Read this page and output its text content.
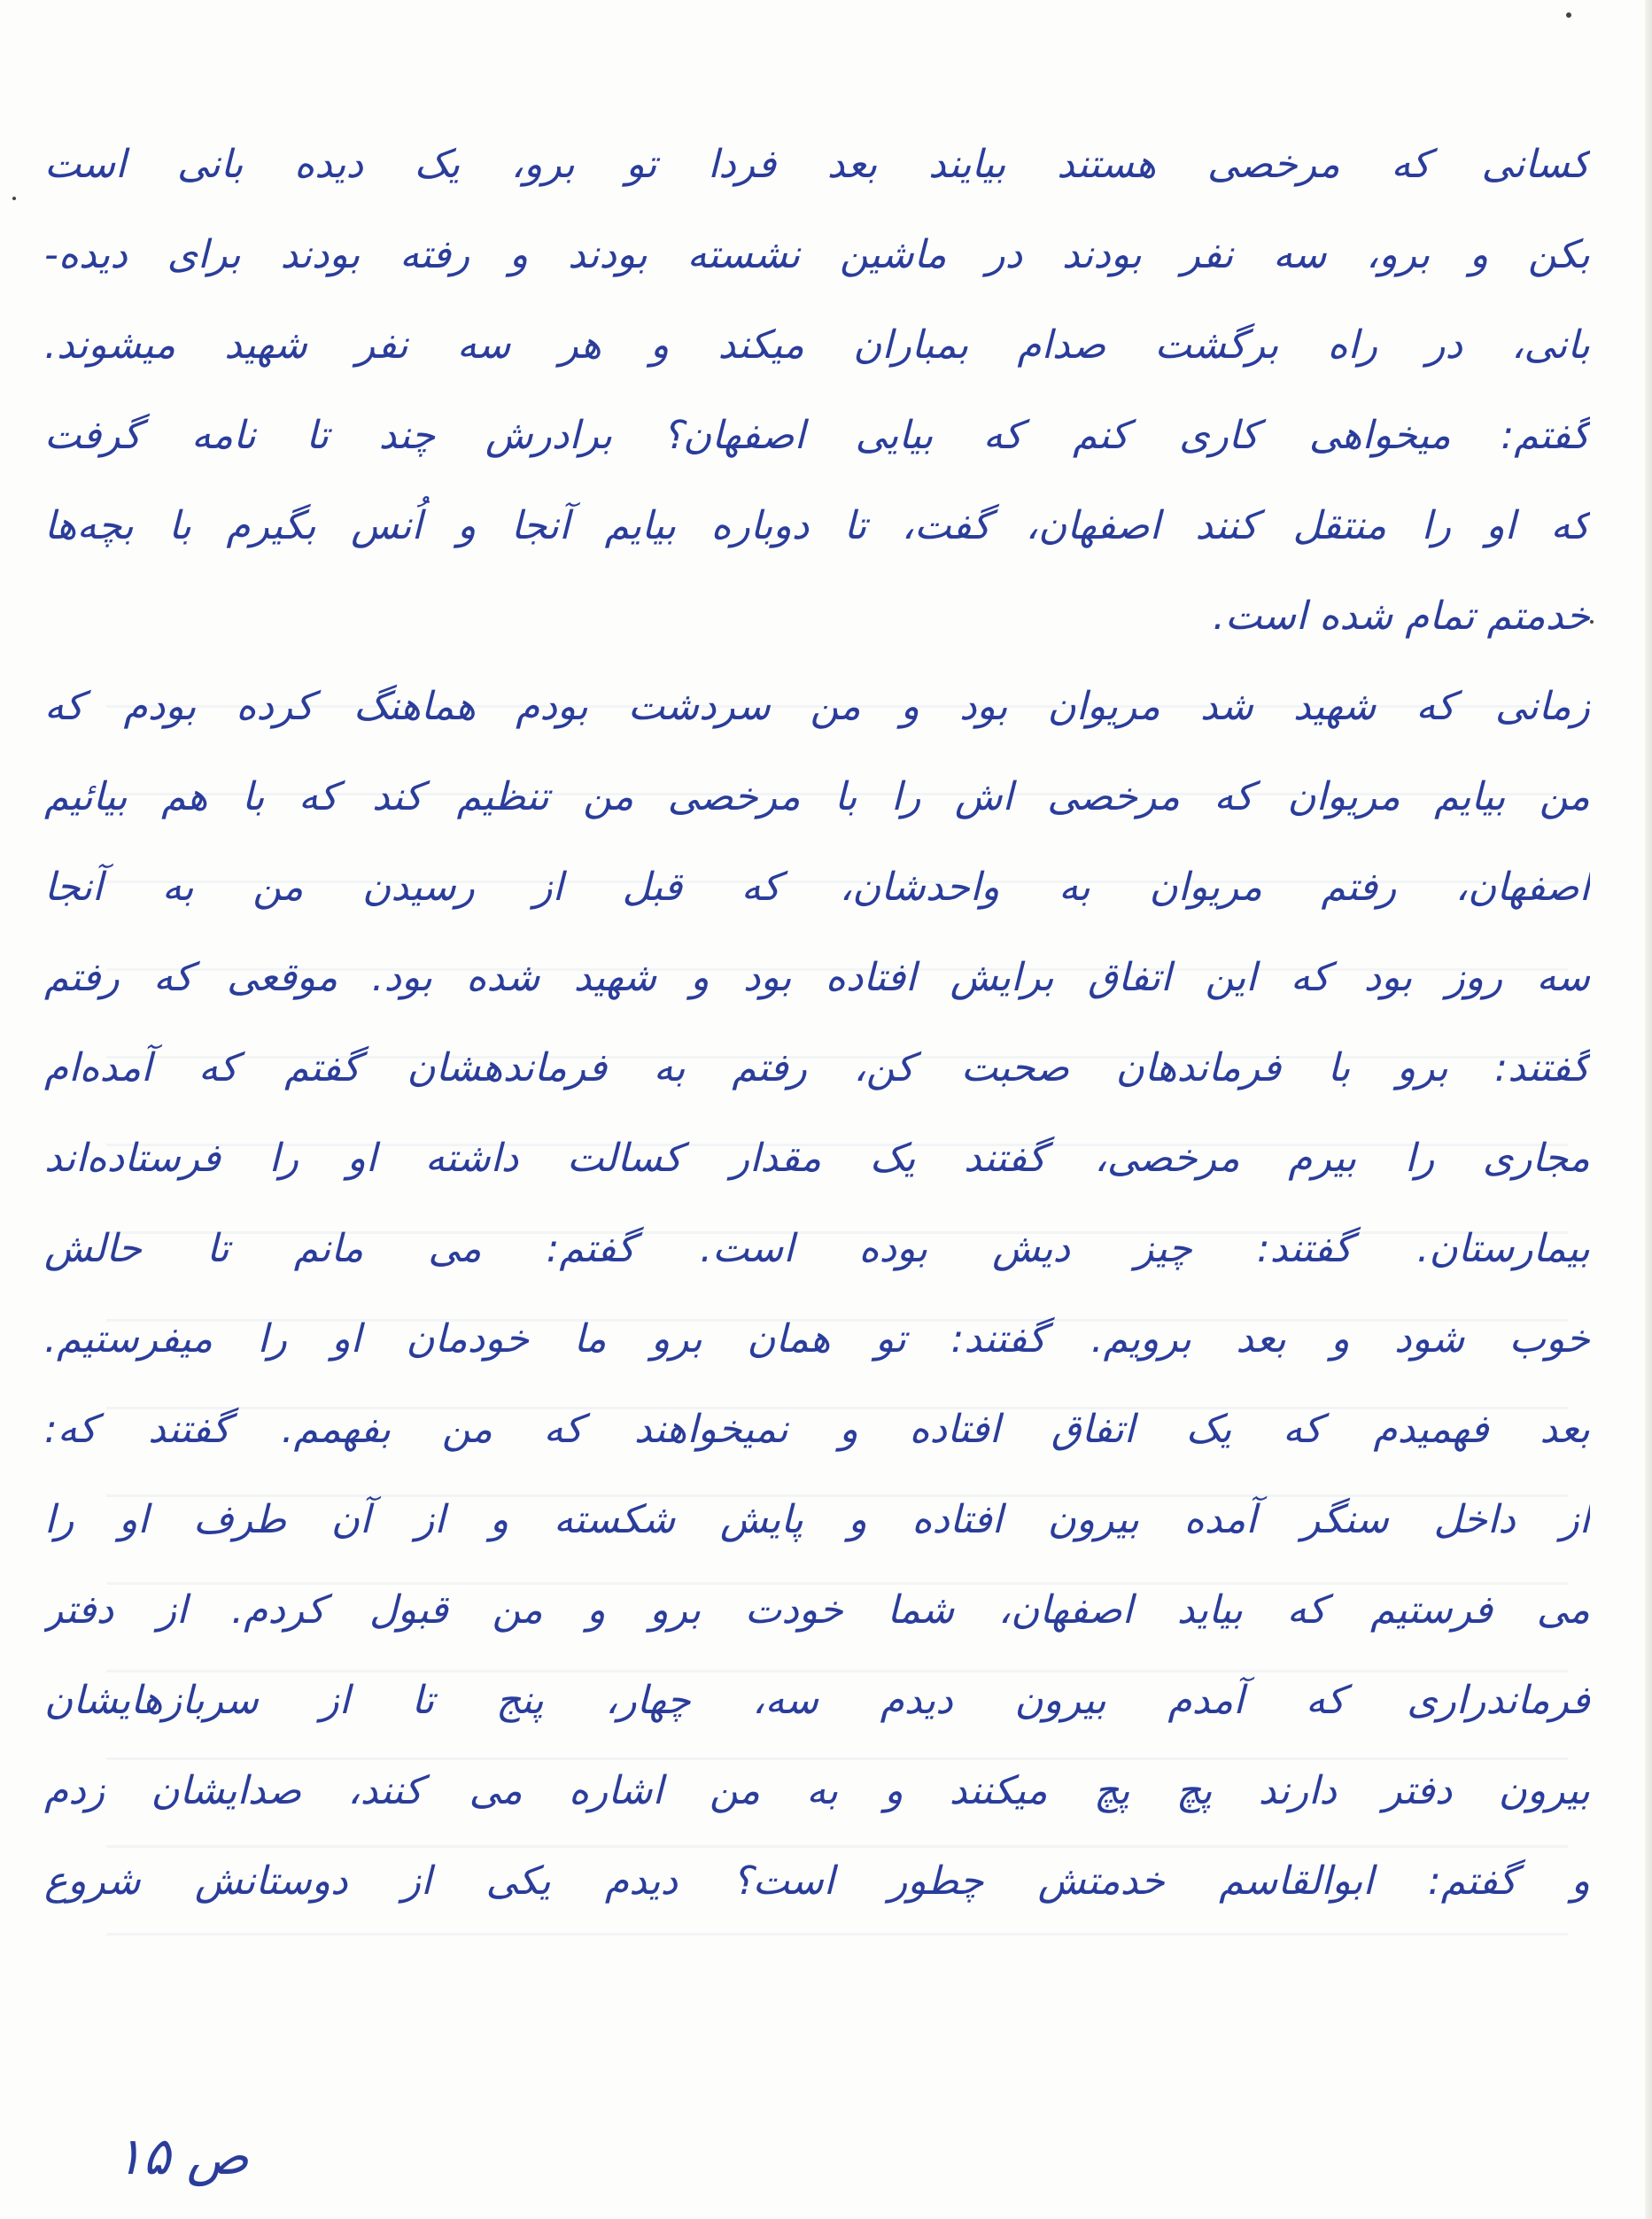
کسانی که مرخصی هستند بیایند بعد فردا تو برو، یک دیده بانی است
بکن و برو، سه نفر بودند در ماشین نشسته بودند و رفته بودند برای دیده-
بانی، در راه برگشت صدام بمباران میکند و هر سه نفر شهید میشوند.
گفتم: میخواهی کاری کنم که بیایی اصفهان؟ برادرش چند تا نامه گرفت
که او را منتقل کنند اصفهان، گفت، تا دوباره بیایم آنجا و اُنس بگیرم با بچه‌ها
خدمتم تمام شده است.
زمانی که شهید شد مریوان بود و من سردشت بودم هماهنگ کرده بودم که
من بیایم مریوان که مرخصی اش را با مرخصی من تنظیم کند که با هم بیائیم
اصفهان، رفتم مریوان به واحدشان، که قبل از رسیدن من به آنجا
سه روز بود که این اتفاق برایش افتاده بود و شهید شده بود. موقعی که رفتم
گفتند: برو با فرماندهان صحبت کن، رفتم به فرماندهشان گفتم که آمده‌ام
مجاری را بیرم مرخصی، گفتند یک مقدار کسالت داشته او را فرستاده‌اند
بیمارستان. گفتند: چیز دیش بوده است. گفتم: می مانم تا حالش
خوب شود و بعد برویم. گفتند: تو همان برو ما خودمان او را میفرستیم.
بعد فهمیدم که یک اتفاق افتاده و نمیخواهند که من بفهمم. گفتند که:
از داخل سنگر آمده بیرون افتاده و پایش شکسته و از آن طرف او را
می فرستیم که بیاید اصفهان، شما خودت برو و من قبول کردم. از دفتر
فرماندراری که آمدم بیرون دیدم سه، چهار، پنج تا از سربازهایشان
بیرون دفتر دارند پچ پچ میکنند و به من اشاره می کنند، صدایشان زدم
و گفتم: ابوالقاسم خدمتش چطور است؟ دیدم یکی از دوستانش شروع
ص ۱۵
